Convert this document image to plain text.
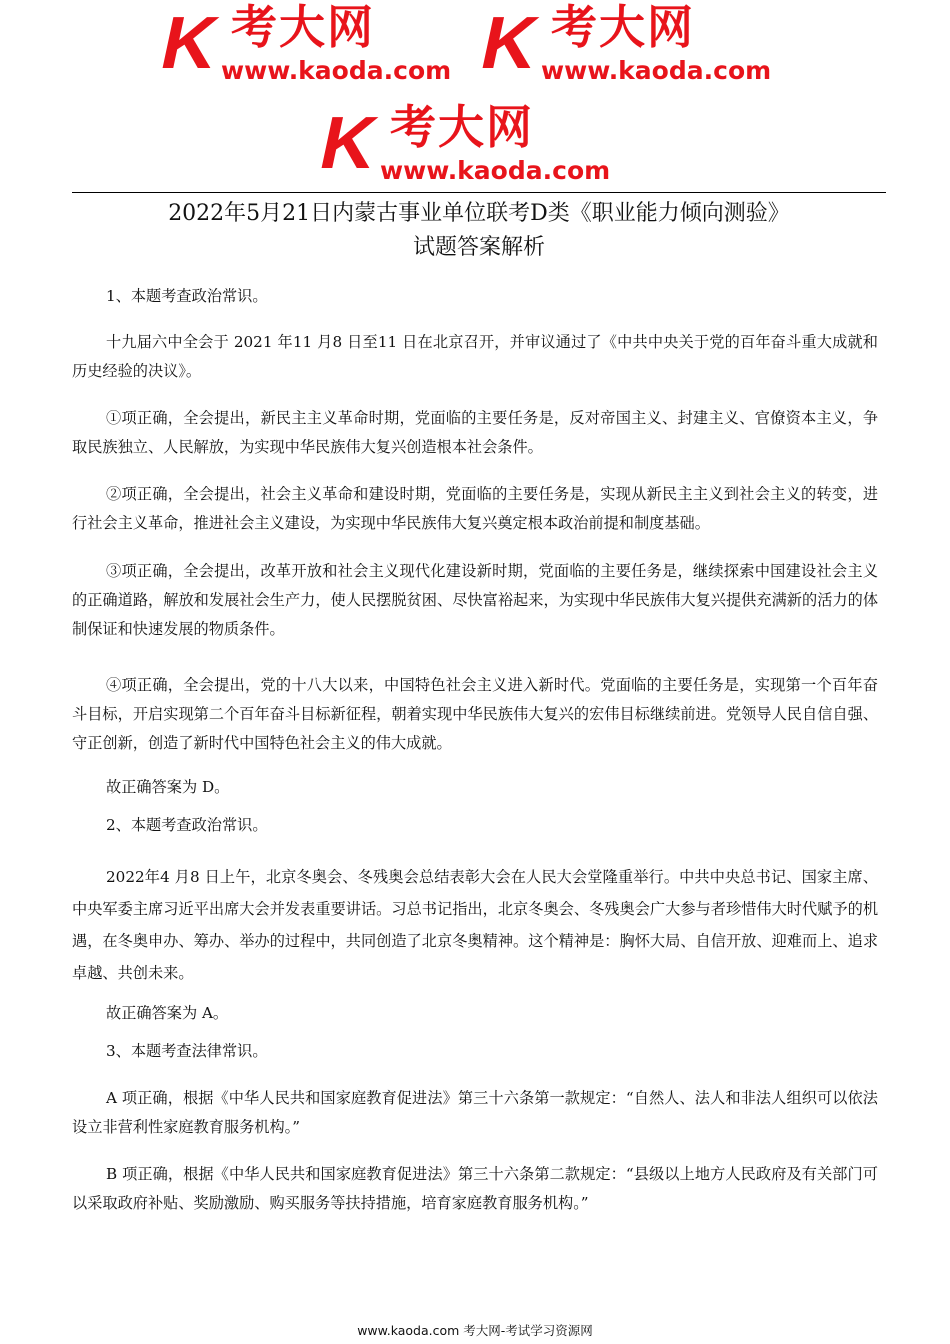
K 考大网
www.kaoda.com K 考大网
www.kaoda.com
K 考大网
www.kaoda.com
2022年5月21日内蒙古事业单位联考D类《职业能力倾向测验》
试题答案解析

1、本题考查政治常识。

十九届六中全会于 2021 年11 月8 日至11 日在北京召开，并审议通过了《中共中央关于党的百年奋斗重大成就和历史经验的决议》。

①项正确，全会提出，新民主主义革命时期，党面临的主要任务是，反对帝国主义、封建主义、官僚资本主义，争取民族独立、人民解放，为实现中华民族伟大复兴创造根本社会条件。

②项正确，全会提出，社会主义革命和建设时期，党面临的主要任务是，实现从新民主主义到社会主义的转变，进行社会主义革命，推进社会主义建设，为实现中华民族伟大复兴奠定根本政治前提和制度基础。

③项正确，全会提出，改革开放和社会主义现代化建设新时期，党面临的主要任务是，继续探索中国建设社会主义的正确道路，解放和发展社会生产力，使人民摆脱贫困、尽快富裕起来，为实现中华民族伟大复兴提供充满新的活力的体制保证和快速发展的物质条件。

④项正确，全会提出，党的十八大以来，中国特色社会主义进入新时代。党面临的主要任务是，实现第一个百年奋斗目标，开启实现第二个百年奋斗目标新征程，朝着实现中华民族伟大复兴的宏伟目标继续前进。党领导人民自信自强、守正创新，创造了新时代中国特色社会主义的伟大成就。

故正确答案为 D。

2、本题考查政治常识。

2022年4 月8 日上午，北京冬奥会、冬残奥会总结表彰大会在人民大会堂隆重举行。中共中央总书记、国家主席、中央军委主席习近平出席大会并发表重要讲话。习总书记指出，北京冬奥会、冬残奥会广大参与者珍惜伟大时代赋予的机遇，在冬奥申办、筹办、举办的过程中，共同创造了北京冬奥精神。这个精神是：胸怀大局、自信开放、迎难而上、追求卓越、共创未来。

故正确答案为 A。

3、本题考查法律常识。

A 项正确，根据《中华人民共和国家庭教育促进法》第三十六条第一款规定：“自然人、法人和非法人组织可以依法设立非营利性家庭教育服务机构。”

B 项正确，根据《中华人民共和国家庭教育促进法》第三十六条第二款规定：“县级以上地方人民政府及有关部门可以采取政府补贴、奖励激励、购买服务等扶持措施，培育家庭教育服务机构。”

www.kaoda.com 考大网-考试学习资源网
